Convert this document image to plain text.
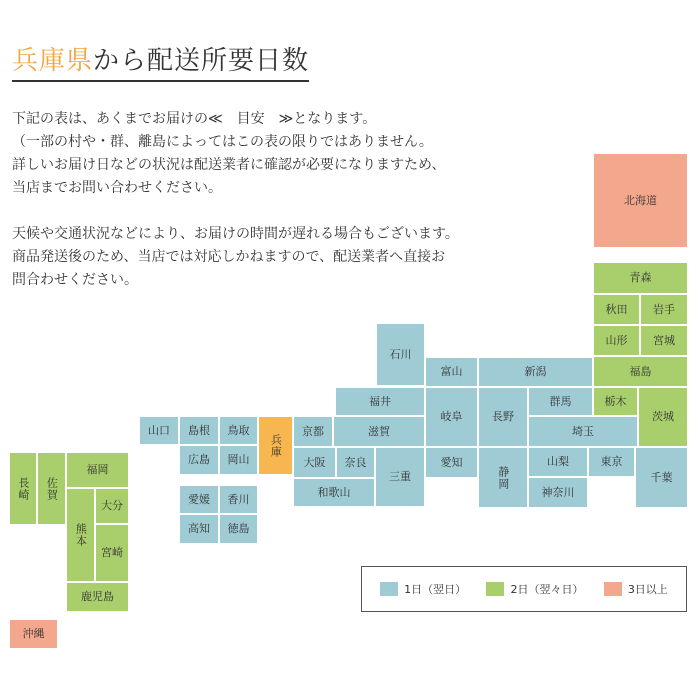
兵庫県から配送所要日数

下記の表は、あくまでお届けの≪　目安　≫となります。

（一部の村や・群、離島によってはこの表の限りではありません。

詳しいお届け日などの状況は配送業者に確認が必要になりますため、

当店までお問い合わせください。

天候や交通状況などにより、お届けの時間が遅れる場合もございます。

商品発送後のため、当店では対応しかねますので、配送業者へ直接お

問合わせください。

北海道
青森
秋田	岩手
山形	宮城
福島
石川
富山	新潟
福井
岐阜	長野
群馬	栃木
茨城
埼玉
愛知
静岡
山梨	東京
千葉
神奈川
京都	滋賀
大阪	奈良
三重
和歌山
兵庫
山口	島根	鳥取
広島	岡山
愛媛	香川
高知	徳島
長崎	佐賀
福岡
熊本
大分
宮崎
鹿児島
沖縄
1日（翌日）	2日（翌々日）	3日以上
